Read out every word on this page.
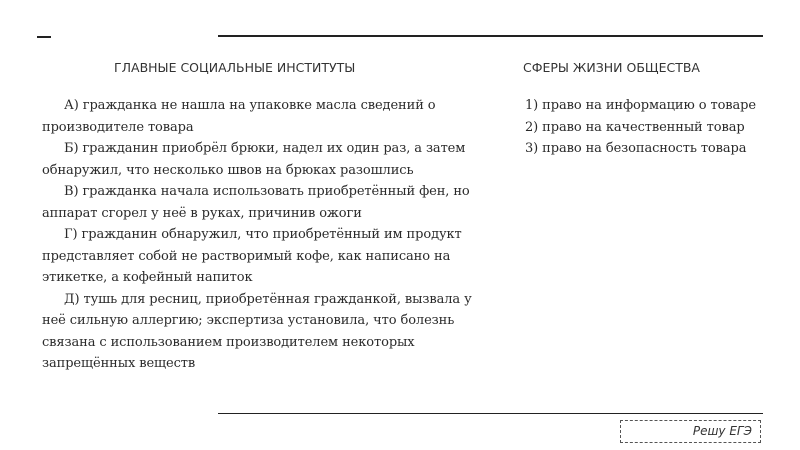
ГЛАВНЫЕ СОЦИАЛЬНЫЕ ИНСТИТУТЫ

А) гражданка не нашла на упаковке масла сведений о производителе товара

Б) гражданин приобрёл брюки, надел их один раз, а затем обнаружил, что несколько швов на брюках разошлись

В) гражданка начала использовать приобретённый фен, но аппарат сгорел у неё в руках, причинив ожоги

Г) гражданин обнаружил, что приобретённый им продукт представляет собой не растворимый кофе, как написано на этикетке, а кофейный напиток

Д) тушь для ресниц, приобретённая гражданкой, вызвала у неё сильную аллергию; экспертиза установила, что болезнь связана с использованием производителем некоторых запрещённых веществ

СФЕРЫ ЖИЗНИ ОБЩЕСТВА

1) право на информацию о товаре

2) право на качественный товар

3) право на безопасность товара

Решу ЕГЭ
